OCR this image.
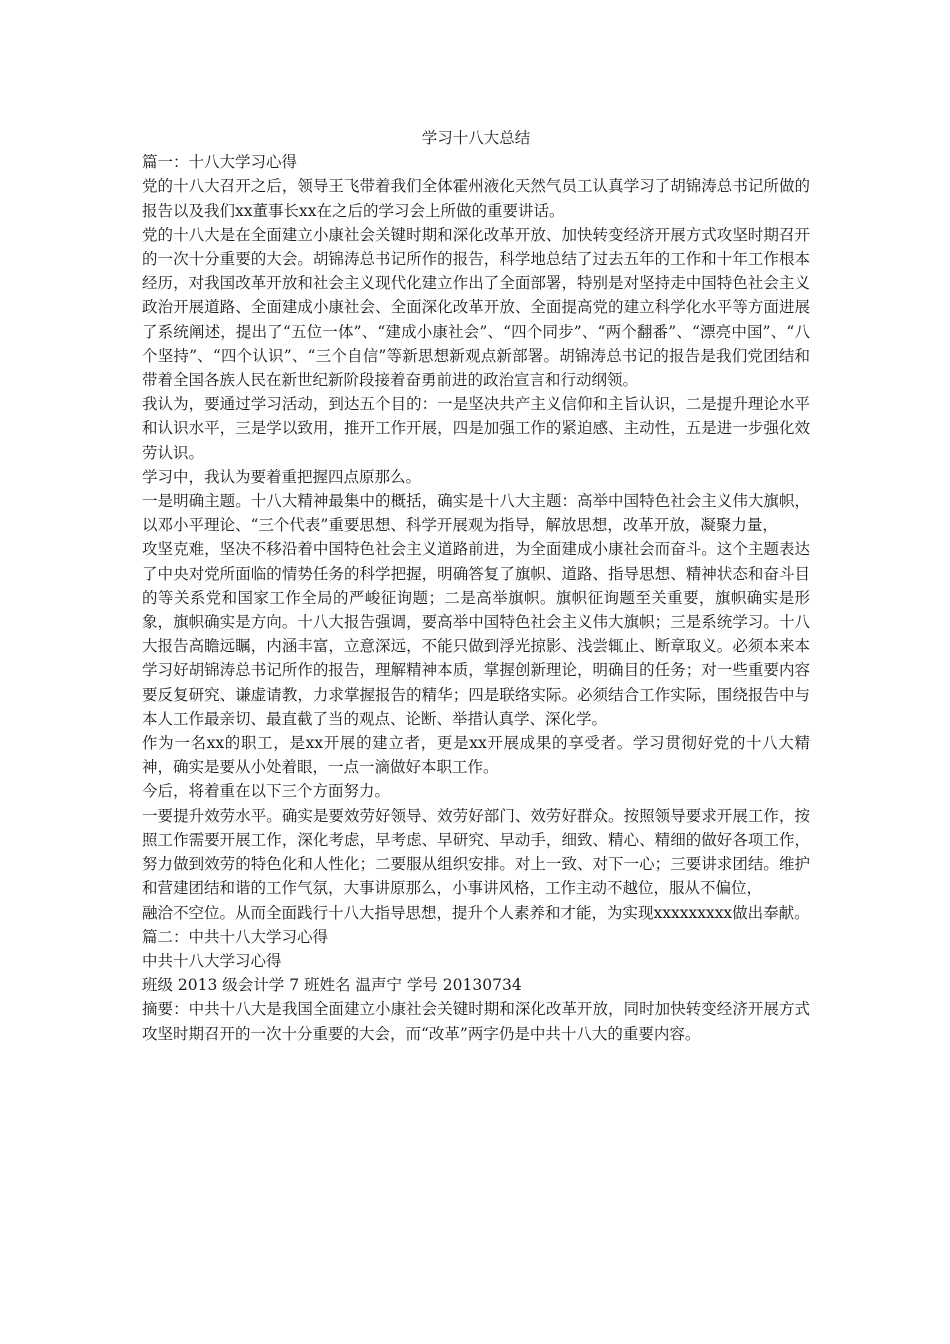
学习十八大总结

篇一：十八大学习心得

党的十八大召开之后，领导王飞带着我们全体霍州液化天然气员工认真学习了胡锦涛总书记所做的报告以及我们xx董事长xx在之后的学习会上所做的重要讲话。

党的十八大是在全面建立小康社会关键时期和深化改革开放、加快转变经济开展方式攻坚时期召开的一次十分重要的大会。胡锦涛总书记所作的报告，科学地总结了过去五年的工作和十年工作根本经历，对我国改革开放和社会主义现代化建立作出了全面部署，特别是对坚持走中国特色社会主义政治开展道路、全面建成小康社会、全面深化改革开放、全面提高党的建立科学化水平等方面进展了系统阐述，提出了“五位一体”、“建成小康社会”、“四个同步”、“两个翻番”、“漂亮中国”、“八个坚持”、“四个认识”、“三个自信”等新思想新观点新部署。胡锦涛总书记的报告是我们党团结和带着全国各族人民在新世纪新阶段接着奋勇前进的政治宣言和行动纲领。

我认为，要通过学习活动，到达五个目的：一是坚决共产主义信仰和主旨认识，二是提升理论水平和认识水平，三是学以致用，推开工作开展，四是加强工作的紧迫感、主动性，五是进一步强化效劳认识。

学习中，我认为要着重把握四点原那么。

一是明确主题。十八大精神最集中的概括，确实是十八大主题：高举中国特色社会主义伟大旗帜，以邓小平理论、“三个代表”重要思想、科学开展观为指导，解放思想，改革开放，凝聚力量，

攻坚克难，坚决不移沿着中国特色社会主义道路前进，为全面建成小康社会而奋斗。这个主题表达了中央对党所面临的情势任务的科学把握，明确答复了旗帜、道路、指导思想、精神状态和奋斗目的等关系党和国家工作全局的严峻征询题；二是高举旗帜。旗帜征询题至关重要，旗帜确实是形象，旗帜确实是方向。十八大报告强调，要高举中国特色社会主义伟大旗帜；三是系统学习。十八大报告高瞻远瞩，内涵丰富，立意深远，不能只做到浮光掠影、浅尝辄止、断章取义。必须本来本学习好胡锦涛总书记所作的报告，理解精神本质，掌握创新理论，明确目的任务；对一些重要内容要反复研究、谦虚请教，力求掌握报告的精华；四是联络实际。必须结合工作实际，围绕报告中与本人工作最亲切、最直截了当的观点、论断、举措认真学、深化学。

作为一名xx的职工，是xx开展的建立者，更是xx开展成果的享受者。学习贯彻好党的十八大精神，确实是要从小处着眼，一点一滴做好本职工作。

今后，将着重在以下三个方面努力。

一要提升效劳水平。确实是要效劳好领导、效劳好部门、效劳好群众。按照领导要求开展工作，按照工作需要开展工作，深化考虑，早考虑、早研究、早动手，细致、精心、精细的做好各项工作，努力做到效劳的特色化和人性化；二要服从组织安排。对上一致、对下一心；三要讲求团结。维护和营建团结和谐的工作气氛，大事讲原那么，小事讲风格，工作主动不越位，服从不偏位，

融洽不空位。从而全面践行十八大指导思想，提升个人素养和才能，为实现xxxxxxxxx做出奉献。

篇二：中共十八大学习心得

中共十八大学习心得

班级 2013 级会计学 7 班姓名 温声宁 学号 20130734

摘要：中共十八大是我国全面建立小康社会关键时期和深化改革开放，同时加快转变经济开展方式攻坚时期召开的一次十分重要的大会，而“改革”两字仍是中共十八大的重要内容。
